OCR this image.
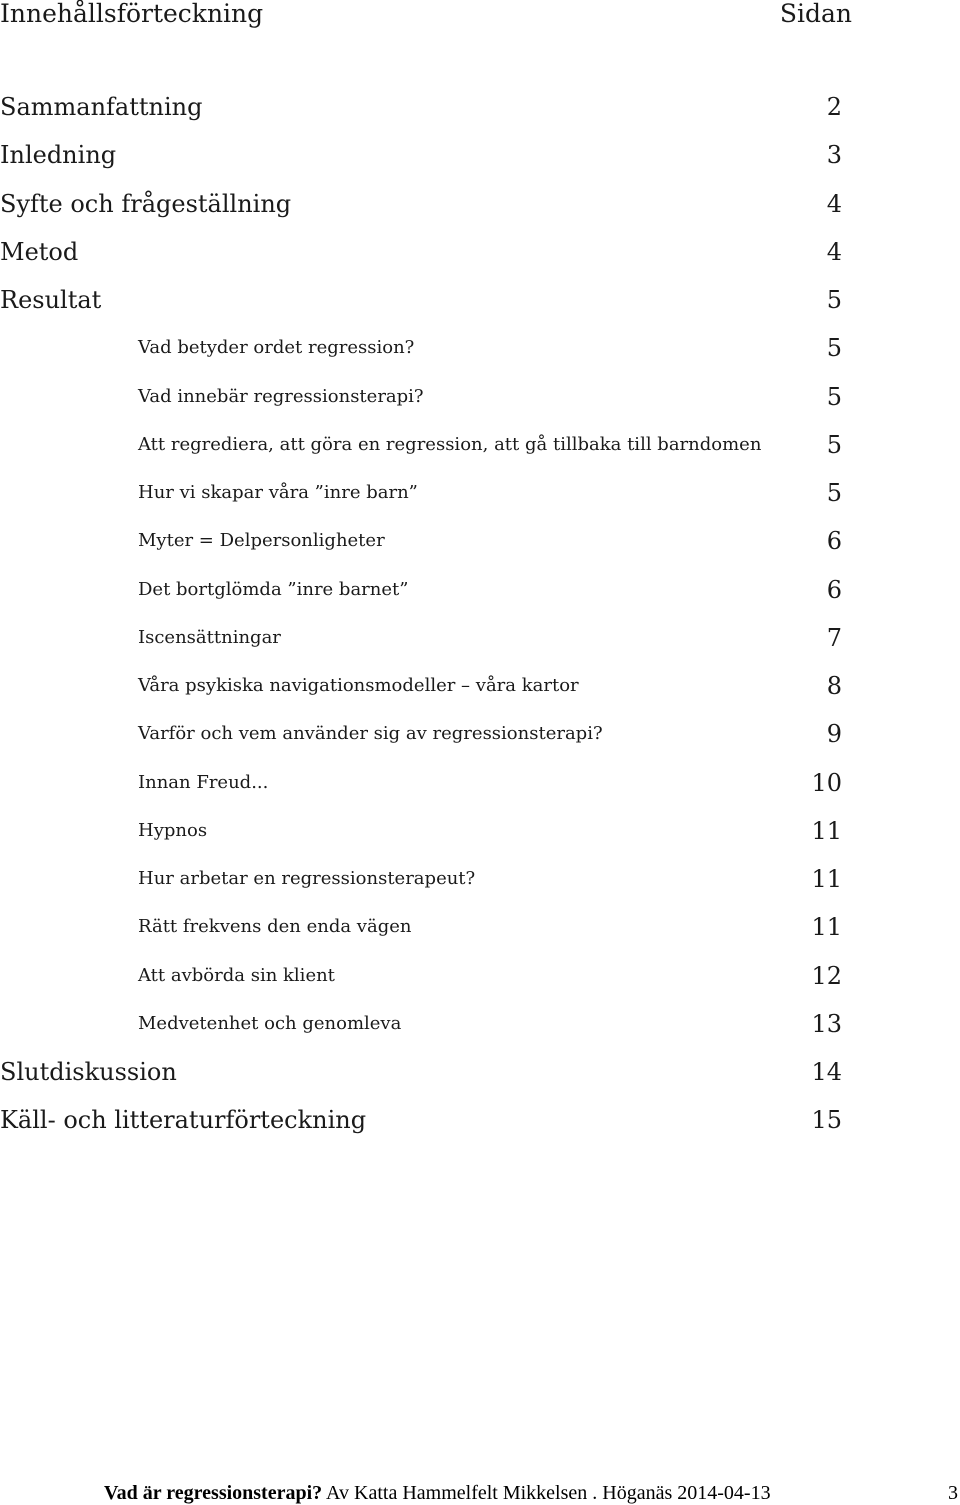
Innehållsförteckning	Sidan
Sammanfattning	2
Inledning	3
Syfte och frågeställning	4
Metod	4
Resultat	5
Vad betyder ordet regression?	5
Vad innebär regressionsterapi?	5
Att regrediera, att göra en regression, att gå tillbaka till barndomen	5
Hur vi skapar våra ”inre barn”	5
Myter = Delpersonligheter	6
Det bortglömda ”inre barnet”	6
Iscensättningar	7
Våra psykiska navigationsmodeller – våra kartor	8
Varför och vem använder sig av regressionsterapi?	9
Innan Freud...	10
Hypnos	11
Hur arbetar en regressionsterapeut?	11
Rätt frekvens den enda vägen	11
Att avbörda sin klient	12
Medvetenhet och genomleva	13
Slutdiskussion	14
Käll- och litteraturförteckning	15
Vad är regressionsterapi? Av Katta Hammelfelt Mikkelsen . Höganäs 2014-04-13	3
